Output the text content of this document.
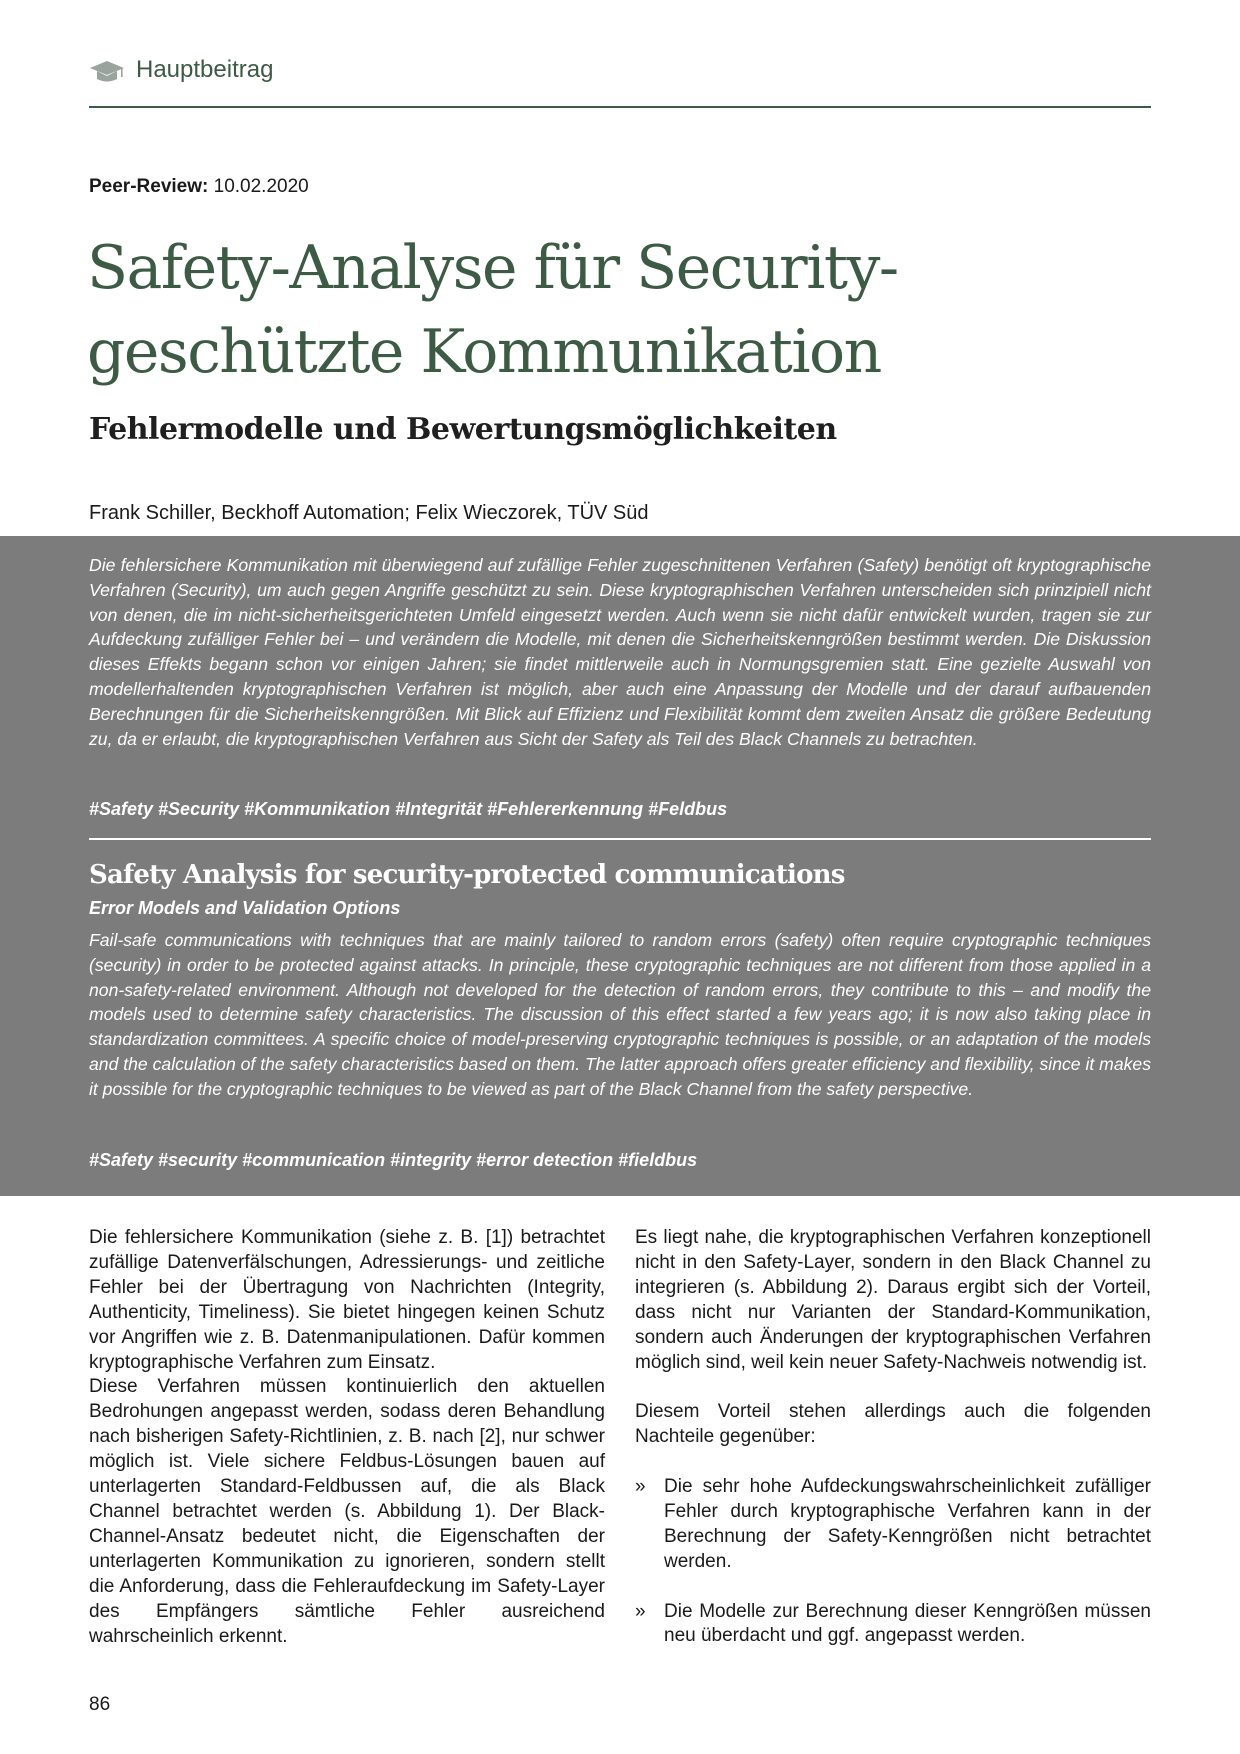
Hauptbeitrag
Peer-Review: 10.02.2020
Safety-Analyse für Security-
geschützte Kommunikation
Fehlermodelle und Bewertungsmöglichkeiten
Frank Schiller, Beckhoff Automation; Felix Wieczorek, TÜV Süd

Die fehlersichere Kommunikation mit überwiegend auf zufällige Fehler zugeschnittenen Verfahren (Safety) benötigt oft kryptographische Verfahren (Security), um auch gegen Angriffe geschützt zu sein. Diese kryptographischen Verfahren unterscheiden sich prinzipiell nicht von denen, die im nicht-sicherheitsgerichteten Umfeld eingesetzt werden. Auch wenn sie nicht dafür entwickelt wurden, tragen sie zur Aufdeckung zufälliger Fehler bei – und verändern die Modelle, mit denen die Sicherheitskenngrößen bestimmt werden. Die Diskussion dieses Effekts begann schon vor einigen Jahren; sie findet mittlerweile auch in Normungsgremien statt. Eine gezielte Auswahl von modellerhaltenden kryptographischen Verfahren ist möglich, aber auch eine Anpassung der Modelle und der darauf aufbauenden Berechnungen für die Sicherheitskenngrößen. Mit Blick auf Effizienz und Flexibilität kommt dem zweiten Ansatz die größere Bedeutung zu, da er erlaubt, die kryptographischen Verfahren aus Sicht der Safety als Teil des Black Channels zu betrachten.

#Safety #Security #Kommunikation #Integrität #Fehlererkennung #Feldbus
Safety Analysis for security-protected communications
Error Models and Validation Options

Fail-safe communications with techniques that are mainly tailored to random errors (safety) often require cryptographic techniques (security) in order to be protected against attacks. In principle, these cryptographic techniques are not different from those applied in a non-safety-related environment. Although not developed for the detection of random errors, they contribute to this – and modify the models used to determine safety characteristics. The discussion of this effect started a few years ago; it is now also taking place in standardization committees. A specific choice of model-preserving cryptographic techniques is possible, or an adaptation of the models and the calculation of the safety characteristics based on them. The latter approach offers greater efficiency and flexibility, since it makes it possible for the cryptographic techniques to be viewed as part of the Black Channel from the safety perspective.

#Safety #security #communication #integrity #error detection #fieldbus

Die fehlersichere Kommunikation (siehe z. B. [1]) betrachtet zufällige Datenverfälschungen, Adressierungs- und zeitliche Fehler bei der Übertragung von Nachrichten (Integrity, Authenticity, Timeliness). Sie bietet hingegen keinen Schutz vor Angriffen wie z. B. Datenmanipulationen. Dafür kommen kryptographische Verfahren zum Einsatz.

Diese Verfahren müssen kontinuierlich den aktuellen Bedrohungen angepasst werden, sodass deren Behandlung nach bisherigen Safety-Richtlinien, z. B. nach [2], nur schwer möglich ist. Viele sichere Feldbus-Lösungen bauen auf unterlagerten Standard-Feldbussen auf, die als Black Channel betrachtet werden (s. Abbildung 1). Der Black-Channel-Ansatz bedeutet nicht, die Eigenschaften der unterlagerten Kommunikation zu ignorieren, sondern stellt die Anforderung, dass die Fehleraufdeckung im Safety-Layer des Empfängers sämtliche Fehler ausreichend wahrscheinlich erkennt.

Es liegt nahe, die kryptographischen Verfahren konzeptionell nicht in den Safety-Layer, sondern in den Black Channel zu integrieren (s. Abbildung 2). Daraus ergibt sich der Vorteil, dass nicht nur Varianten der Standard-Kommunikation, sondern auch Änderungen der kryptographischen Verfahren möglich sind, weil kein neuer Safety-Nachweis notwendig ist.

Diesem Vorteil stehen allerdings auch die folgenden Nachteile gegenüber:

» Die sehr hohe Aufdeckungswahrscheinlichkeit zufälliger Fehler durch kryptographische Verfahren kann in der Berechnung der Safety-Kenngrößen nicht betrachtet werden.
» Die Modelle zur Berechnung dieser Kenngrößen müssen neu überdacht und ggf. angepasst werden.
86
